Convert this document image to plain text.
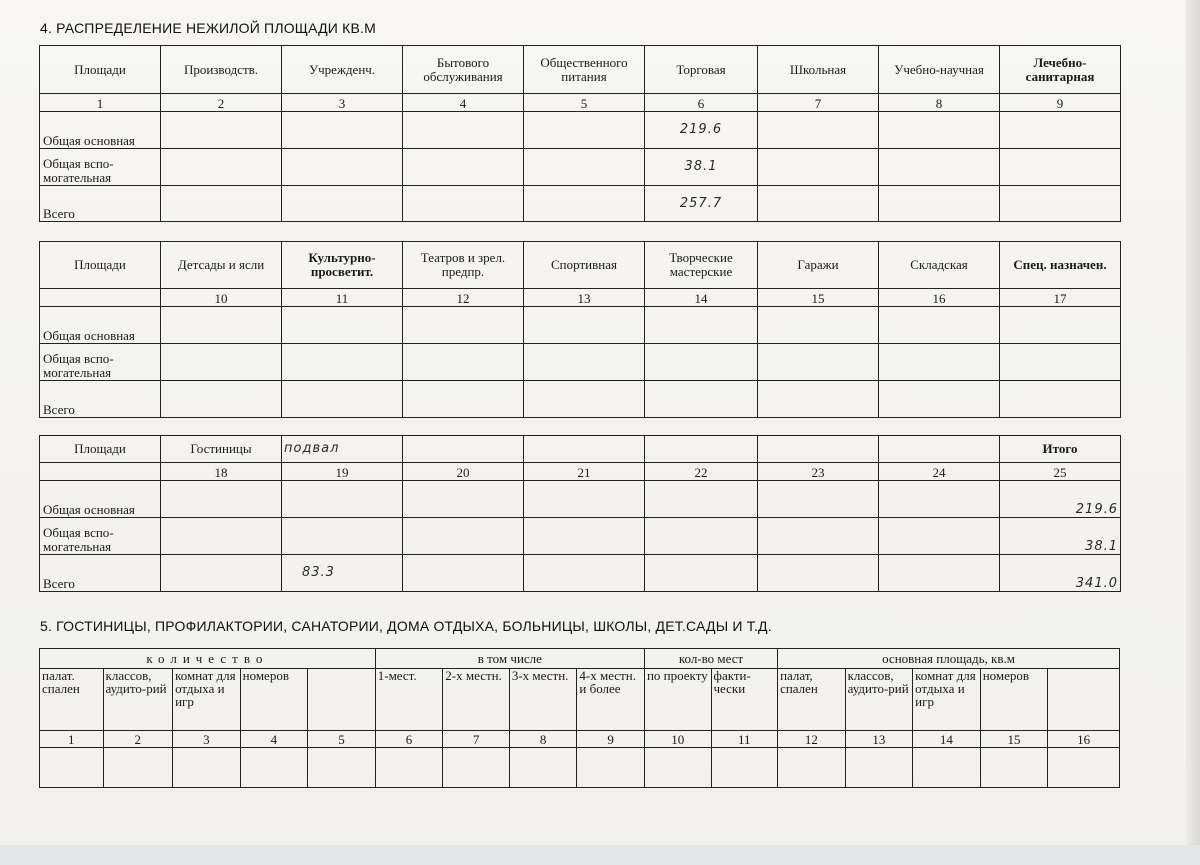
4. РАСПРЕДЕЛЕНИЕ НЕЖИЛОЙ ПЛОЩАДИ КВ.М
Площади	Производств.	Учрежденч.	Бытового обслуживания	Общественного питания	Торговая	Школьная	Учебно-научная	Лечебно-санитарная
1	2	3	4	5	6	7	8	9
Общая основная					219.6			
Общая вспо-могательная					38.1			
Всего					257.7			
Площади	Детсады и ясли	Культурно-просветит.	Театров и зрел. предпр.	Спортивная	Творческие мастерские	Гаражи	Складская	Спец. назначен.
	10	11	12	13	14	15	16	17
Общая основная								
Общая вспо-могательная								
Всего								
Площади	Гостиницы	подвал						Итого
	18	19	20	21	22	23	24	25
Общая основная								219.6
Общая вспо-могательная								38.1
Всего		83.3						341.0
5. ГОСТИНИЦЫ, ПРОФИЛАКТОРИИ, САНАТОРИИ, ДОМА ОТДЫХА, БОЛЬНИЦЫ, ШКОЛЫ, ДЕТ.САДЫ И Т.Д.
количество					в том числе				кол-во мест		основная площадь, кв.м				
палат. спален	классов, аудито-рий	комнат для отдыха и игр	номеров		1-мест.	2-х местн.	3-х местн.	4-х местн. и более	по проекту	факти-чески	палат, спален	классов, аудито-рий	комнат для отдыха и игр	номеров	
1	2	3	4	5	6	7	8	9	10	11	12	13	14	15	16
